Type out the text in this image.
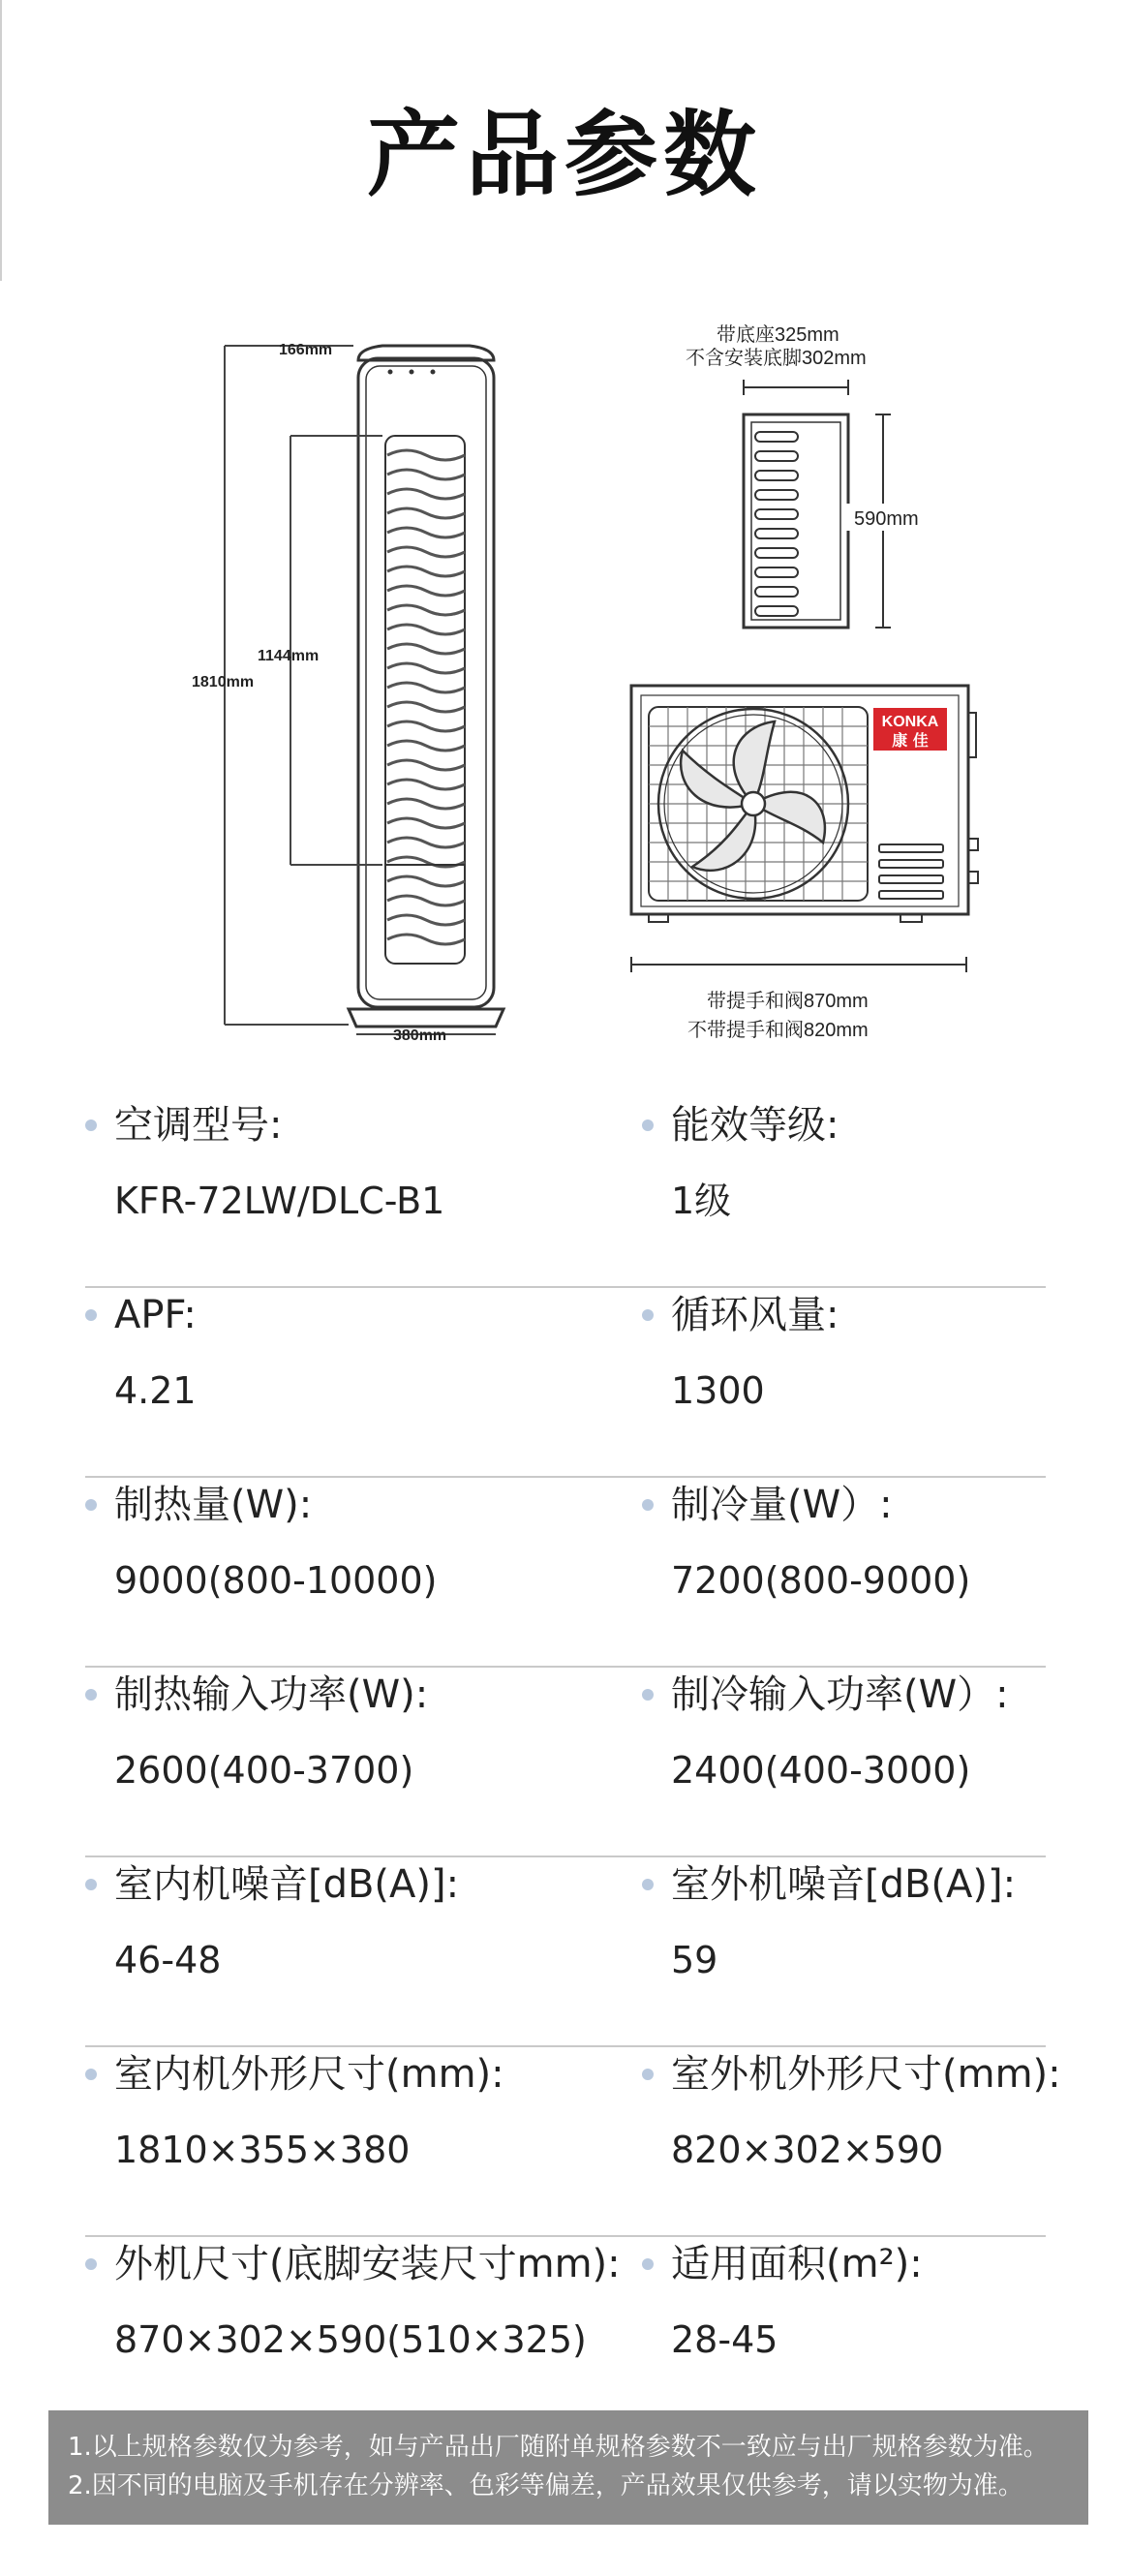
产品参数
166mm
1810mm
1144mm
380mm
带底座325mm
不含安装底脚302mm
590mm
KONKA
康 佳
带提手和阀870mm
不带提手和阀820mm
空调型号:
KFR-72LW/DLC-B1
能效等级:
1级
APF:
4.21
循环风量:
1300
制热量(W):
9000(800-10000)
制冷量(W）:
7200(800-9000)
制热输入功率(W):
2600(400-3700)
制冷输入功率(W）:
2400(400-3000)
室内机噪音[dB(A)]:
46-48
室外机噪音[dB(A)]:
59
室内机外形尺寸(mm):
1810×355×380
室外机外形尺寸(mm):
820×302×590
外机尺寸(底脚安装尺寸mm):
870×302×590(510×325)
适用面积(m²):
28-45
1.以上规格参数仅为参考，如与产品出厂随附单规格参数不一致应与出厂规格参数为准。
2.因不同的电脑及手机存在分辨率、色彩等偏差，产品效果仅供参考，请以实物为准。
